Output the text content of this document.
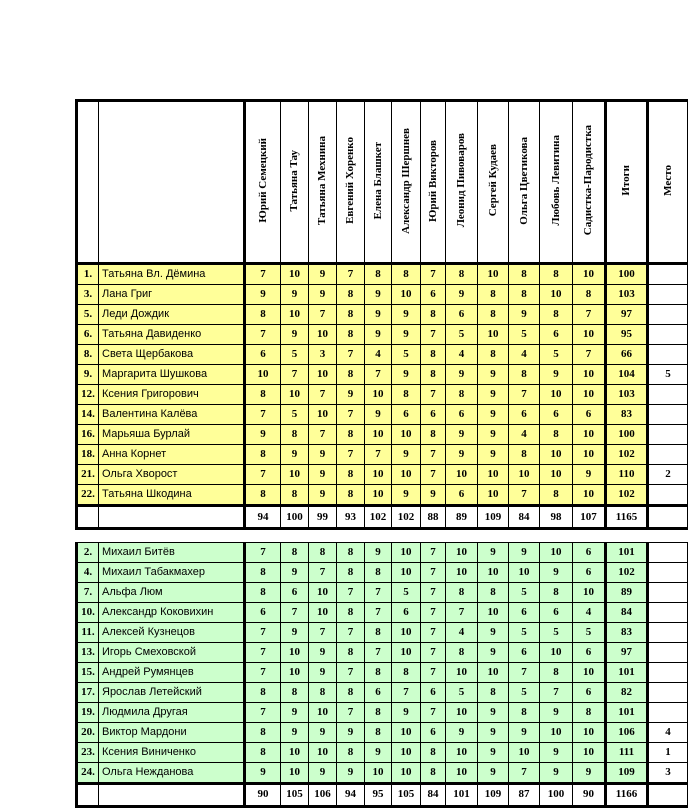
		Юрий Семецкий	Татьяна Тау	Татьяна Мехнина	Евгений Хоренко	Елена Блашкет	Александр Шершнев	Юрий Викторов	Леонид Пивоваров	Сергей Кудаев	Ольга Цветикова	Любовь Левитина	Садистка-Пародистка	Итоги	Место
1.	Татьяна Вл. Дёмина	7	10	9	7	8	8	7	8	10	8	8	10	100	
3.	Лана Григ	9	9	9	8	9	10	6	9	8	8	10	8	103	
5.	Леди Дождик	8	10	7	8	9	9	8	6	8	9	8	7	97	
6.	Татьяна Давиденко	7	9	10	8	9	9	7	5	10	5	6	10	95	
8.	Света Щербакова	6	5	3	7	4	5	8	4	8	4	5	7	66	
9.	Маргарита Шушкова	10	7	10	8	7	9	8	9	9	8	9	10	104	5
12.	Ксения Григорович	8	10	7	9	10	8	7	8	9	7	10	10	103	
14.	Валентина Калёва	7	5	10	7	9	6	6	6	9	6	6	6	83	
16.	Марьяша Бурлай	9	8	7	8	10	10	8	9	9	4	8	10	100	
18.	Анна Корнет	8	9	9	7	7	9	7	9	9	8	10	10	102	
21.	Ольга Хворост	7	10	9	8	10	10	7	10	10	10	10	9	110	2
22.	Татьяна Шкодина	8	8	9	8	10	9	9	6	10	7	8	10	102	
		94	100	99	93	102	102	88	89	109	84	98	107	1165	

2.	Михаил Битёв	7	8	8	8	9	10	7	10	9	9	10	6	101	
4.	Михаил Табакмахер	8	9	7	8	8	10	7	10	10	10	9	6	102	
7.	Альфа Люм	8	6	10	7	7	5	7	8	8	5	8	10	89	
10.	Александр Коковихин	6	7	10	8	7	6	7	7	10	6	6	4	84	
11.	Алексей Кузнецов	7	9	7	7	8	10	7	4	9	5	5	5	83	
13.	Игорь Смеховской	7	10	9	8	7	10	7	8	9	6	10	6	97	
15.	Андрей Румянцев	7	10	9	7	8	8	7	10	10	7	8	10	101	
17.	Ярослав Летейский	8	8	8	8	6	7	6	5	8	5	7	6	82	
19.	Людмила Другая	7	9	10	7	8	9	7	10	9	8	9	8	101	
20.	Виктор Мардони	8	9	9	9	8	10	6	9	9	9	10	10	106	4
23.	Ксения Виниченко	8	10	10	8	9	10	8	10	9	10	9	10	111	1
24.	Ольга Нежданова	9	10	9	9	10	10	8	10	9	7	9	9	109	3
		90	105	106	94	95	105	84	101	109	87	100	90	1166	
